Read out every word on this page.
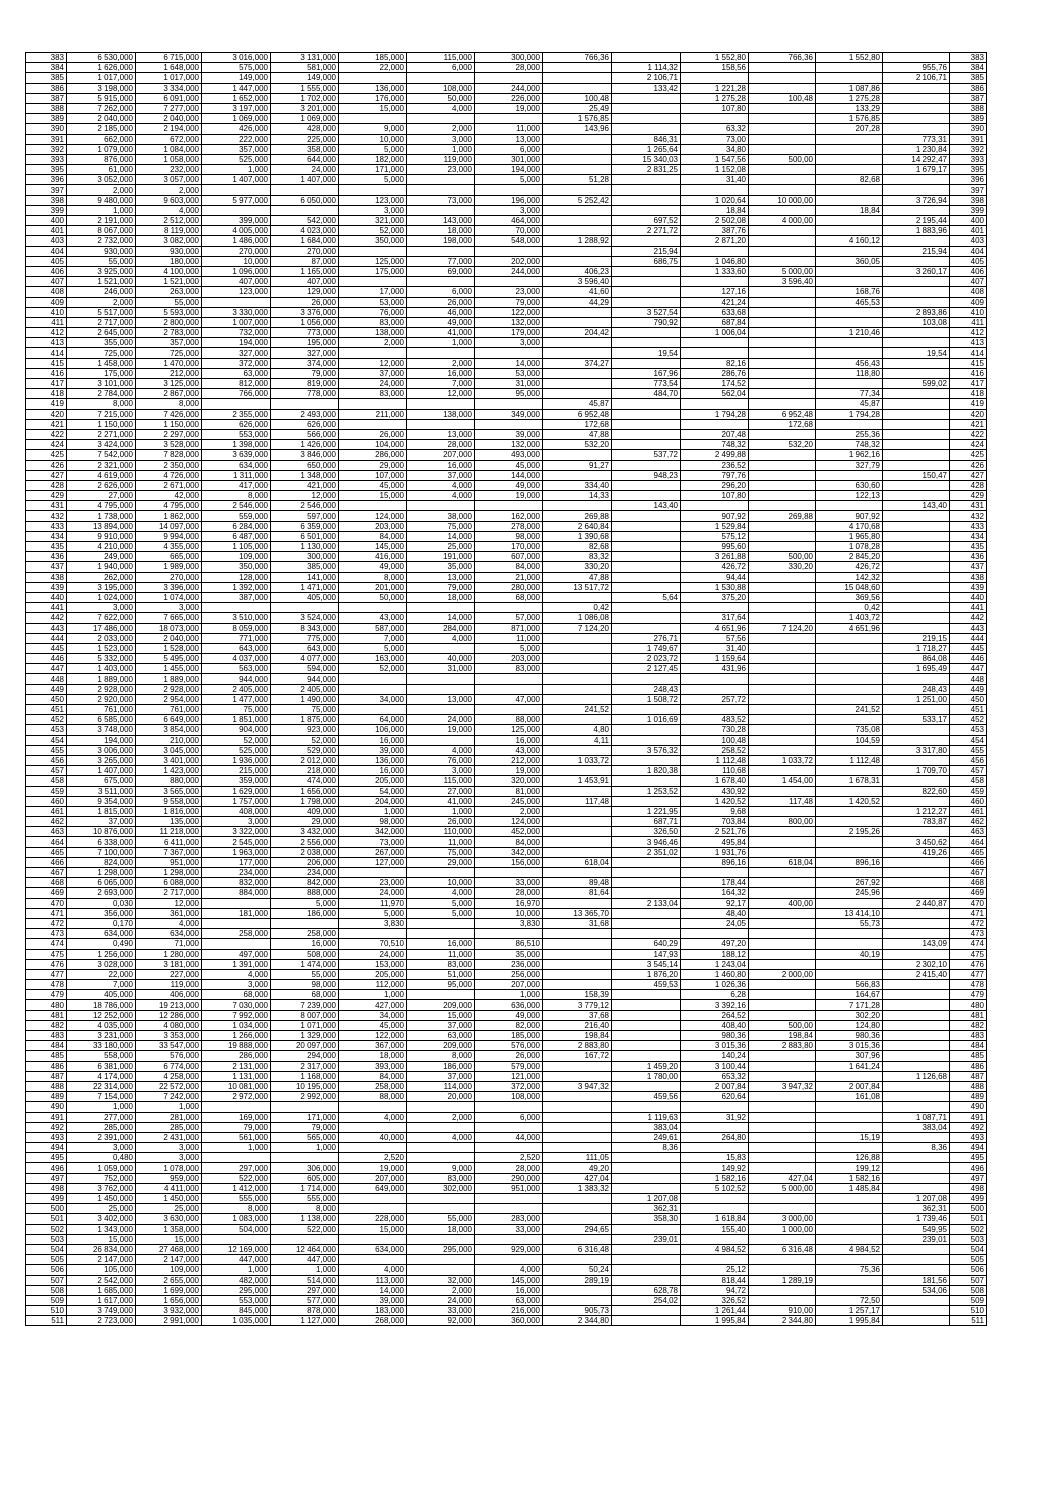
383	6 530,000	6 715,000	3 016,000	3 131,000	185,000	115,000	300,000	766,36		1 552,80	766,36	1 552,80		383
384	1 626,000	1 648,000	575,000	581,000	22,000	6,000	28,000		1 114,32	158,56			955,76	384
385	1 017,000	1 017,000	149,000	149,000					2 106,71				2 106,71	385
386	3 198,000	3 334,000	1 447,000	1 555,000	136,000	108,000	244,000		133,42	1 221,28		1 087,86		386
387	5 915,000	6 091,000	1 652,000	1 702,000	176,000	50,000	226,000	100,48		1 275,28	100,48	1 275,28		387
388	7 262,000	7 277,000	3 197,000	3 201,000	15,000	4,000	19,000	25,49		107,80		133,29		388
389	2 040,000	2 040,000	1 069,000	1 069,000				1 576,85				1 576,85		389
390	2 185,000	2 194,000	426,000	428,000	9,000	2,000	11,000	143,96		63,32		207,28		390
391	662,000	672,000	222,000	225,000	10,000	3,000	13,000		846,31	73,00			773,31	391
392	1 079,000	1 084,000	357,000	358,000	5,000	1,000	6,000		1 265,64	34,80			1 230,84	392
393	876,000	1 058,000	525,000	644,000	182,000	119,000	301,000		15 340,03	1 547,56	500,00		14 292,47	393
395	61,000	232,000	1,000	24,000	171,000	23,000	194,000		2 831,25	1 152,08			1 679,17	395
396	3 052,000	3 057,000	1 407,000	1 407,000	5,000		5,000	51,28		31,40		82,68		396
397	2,000	2,000												397
398	9 480,000	9 603,000	5 977,000	6 050,000	123,000	73,000	196,000	5 252,42		1 020,64	10 000,00		3 726,94	398
399	1,000	4,000			3,000		3,000			18,84		18,84		399
400	2 191,000	2 512,000	399,000	542,000	321,000	143,000	464,000		697,52	2 502,08	4 000,00		2 195,44	400
401	8 067,000	8 119,000	4 005,000	4 023,000	52,000	18,000	70,000		2 271,72	387,76			1 883,96	401
403	2 732,000	3 082,000	1 486,000	1 684,000	350,000	198,000	548,000	1 288,92		2 871,20		4 160,12		403
404	930,000	930,000	270,000	270,000					215,94				215,94	404
405	55,000	180,000	10,000	87,000	125,000	77,000	202,000		686,75	1 046,80		360,05		405
406	3 925,000	4 100,000	1 096,000	1 165,000	175,000	69,000	244,000	406,23		1 333,60	5 000,00		3 260,17	406
407	1 521,000	1 521,000	407,000	407,000				3 596,40			3 596,40			407
408	246,000	263,000	123,000	129,000	17,000	6,000	23,000	41,60		127,16		168,76		408
409	2,000	55,000		26,000	53,000	26,000	79,000	44,29		421,24		465,53		409
410	5 517,000	5 593,000	3 330,000	3 376,000	76,000	46,000	122,000		3 527,54	633,68			2 893,86	410
411	2 717,000	2 800,000	1 007,000	1 056,000	83,000	49,000	132,000		790,92	687,84			103,08	411
412	2 645,000	2 783,000	732,000	773,000	138,000	41,000	179,000	204,42		1 006,04		1 210,46		412
413	355,000	357,000	194,000	195,000	2,000	1,000	3,000							413
414	725,000	725,000	327,000	327,000					19,54				19,54	414
415	1 458,000	1 470,000	372,000	374,000	12,000	2,000	14,000	374,27		82,16		456,43		415
416	175,000	212,000	63,000	79,000	37,000	16,000	53,000		167,96	286,76		118,80		416
417	3 101,000	3 125,000	812,000	819,000	24,000	7,000	31,000		773,54	174,52			599,02	417
418	2 784,000	2 867,000	766,000	778,000	83,000	12,000	95,000		484,70	562,04		77,34		418
419	8,000	8,000						45,87				45,87		419
420	7 215,000	7 426,000	2 355,000	2 493,000	211,000	138,000	349,000	6 952,48		1 794,28	6 952,48	1 794,28		420
421	1 150,000	1 150,000	626,000	626,000				172,68			172,68			421
422	2 271,000	2 297,000	553,000	566,000	26,000	13,000	39,000	47,88		207,48		255,36		422
424	3 424,000	3 528,000	1 398,000	1 426,000	104,000	28,000	132,000	532,20		748,32	532,20	748,32		424
425	7 542,000	7 828,000	3 639,000	3 846,000	286,000	207,000	493,000		537,72	2 499,88		1 962,16		425
426	2 321,000	2 350,000	634,000	650,000	29,000	16,000	45,000	91,27		236,52		327,79		426
427	4 619,000	4 726,000	1 311,000	1 348,000	107,000	37,000	144,000		948,23	797,76			150,47	427
428	2 626,000	2 671,000	417,000	421,000	45,000	4,000	49,000	334,40		296,20		630,60		428
429	27,000	42,000	8,000	12,000	15,000	4,000	19,000	14,33		107,80		122,13		429
431	4 795,000	4 795,000	2 546,000	2 546,000					143,40				143,40	431
432	1 738,000	1 862,000	559,000	597,000	124,000	38,000	162,000	269,88		907,92	269,88	907,92		432
433	13 894,000	14 097,000	6 284,000	6 359,000	203,000	75,000	278,000	2 640,84		1 529,84		4 170,68		433
434	9 910,000	9 994,000	6 487,000	6 501,000	84,000	14,000	98,000	1 390,68		575,12		1 965,80		434
435	4 210,000	4 355,000	1 105,000	1 130,000	145,000	25,000	170,000	82,68		995,60		1 078,28		435
436	249,000	665,000	109,000	300,000	416,000	191,000	607,000	83,32		3 261,88	500,00	2 845,20		436
437	1 940,000	1 989,000	350,000	385,000	49,000	35,000	84,000	330,20		426,72	330,20	426,72		437
438	262,000	270,000	128,000	141,000	8,000	13,000	21,000	47,88		94,44		142,32		438
439	3 195,000	3 396,000	1 392,000	1 471,000	201,000	79,000	280,000	13 517,72		1 530,88		15 048,60		439
440	1 024,000	1 074,000	387,000	405,000	50,000	18,000	68,000		5,64	375,20		369,56		440
441	3,000	3,000						0,42				0,42		441
442	7 622,000	7 665,000	3 510,000	3 524,000	43,000	14,000	57,000	1 086,08		317,64		1 403,72		442
443	17 486,000	18 073,000	8 059,000	8 343,000	587,000	284,000	871,000	7 124,20		4 651,96	7 124,20	4 651,96		443
444	2 033,000	2 040,000	771,000	775,000	7,000	4,000	11,000		276,71	57,56			219,15	444
445	1 523,000	1 528,000	643,000	643,000	5,000		5,000		1 749,67	31,40			1 718,27	445
446	5 332,000	5 495,000	4 037,000	4 077,000	163,000	40,000	203,000		2 023,72	1 159,64			864,08	446
447	1 403,000	1 455,000	563,000	594,000	52,000	31,000	83,000		2 127,45	431,96			1 695,49	447
448	1 889,000	1 889,000	944,000	944,000										448
449	2 928,000	2 928,000	2 405,000	2 405,000					248,43				248,43	449
450	2 920,000	2 954,000	1 477,000	1 490,000	34,000	13,000	47,000		1 508,72	257,72			1 251,00	450
451	761,000	761,000	75,000	75,000				241,52				241,52		451
452	6 585,000	6 649,000	1 851,000	1 875,000	64,000	24,000	88,000		1 016,69	483,52			533,17	452
453	3 748,000	3 854,000	904,000	923,000	106,000	19,000	125,000	4,80		730,28		735,08		453
454	194,000	210,000	52,000	52,000	16,000		16,000	4,11		100,48		104,59		454
455	3 006,000	3 045,000	525,000	529,000	39,000	4,000	43,000		3 576,32	258,52			3 317,80	455
456	3 265,000	3 401,000	1 936,000	2 012,000	136,000	76,000	212,000	1 033,72		1 112,48	1 033,72	1 112,48		456
457	1 407,000	1 423,000	215,000	218,000	16,000	3,000	19,000		1 820,38	110,68			1 709,70	457
458	675,000	880,000	359,000	474,000	205,000	115,000	320,000	1 453,91		1 678,40	1 454,00	1 678,31		458
459	3 511,000	3 565,000	1 629,000	1 656,000	54,000	27,000	81,000		1 253,52	430,92			822,60	459
460	9 354,000	9 558,000	1 757,000	1 798,000	204,000	41,000	245,000	117,48		1 420,52	117,48	1 420,52		460
461	1 815,000	1 816,000	408,000	409,000	1,000	1,000	2,000		1 221,95	9,68			1 212,27	461
462	37,000	135,000	3,000	29,000	98,000	26,000	124,000		687,71	703,84	800,00		783,87	462
463	10 876,000	11 218,000	3 322,000	3 432,000	342,000	110,000	452,000		326,50	2 521,76		2 195,26		463
464	6 338,000	6 411,000	2 545,000	2 556,000	73,000	11,000	84,000		3 946,46	495,84			3 450,62	464
465	7 100,000	7 367,000	1 963,000	2 038,000	267,000	75,000	342,000		2 351,02	1 931,76			419,26	465
466	824,000	951,000	177,000	206,000	127,000	29,000	156,000	618,04		896,16	618,04	896,16		466
467	1 298,000	1 298,000	234,000	234,000										467
468	6 065,000	6 088,000	832,000	842,000	23,000	10,000	33,000	89,48		178,44		267,92		468
469	2 693,000	2 717,000	884,000	888,000	24,000	4,000	28,000	81,64		164,32		245,96		469
470	0,030	12,000		5,000	11,970	5,000	16,970		2 133,04	92,17	400,00		2 440,87	470
471	356,000	361,000	181,000	186,000	5,000	5,000	10,000	13 365,70		48,40		13 414,10		471
472	0,170	4,000			3,830		3,830	31,68		24,05		55,73		472
473	634,000	634,000	258,000	258,000										473
474	0,490	71,000		16,000	70,510	16,000	86,510		640,29	497,20			143,09	474
475	1 256,000	1 280,000	497,000	508,000	24,000	11,000	35,000		147,93	188,12		40,19		475
476	3 028,000	3 181,000	1 391,000	1 474,000	153,000	83,000	236,000		3 545,14	1 243,04			2 302,10	476
477	22,000	227,000	4,000	55,000	205,000	51,000	256,000		1 876,20	1 460,80	2 000,00		2 415,40	477
478	7,000	119,000	3,000	98,000	112,000	95,000	207,000		459,53	1 026,36		566,83		478
479	405,000	406,000	68,000	68,000	1,000		1,000	158,39		6,28		164,67		479
480	18 786,000	19 213,000	7 030,000	7 239,000	427,000	209,000	636,000	3 779,12		3 392,16		7 171,28		480
481	12 252,000	12 286,000	7 992,000	8 007,000	34,000	15,000	49,000	37,68		264,52		302,20		481
482	4 035,000	4 080,000	1 034,000	1 071,000	45,000	37,000	82,000	216,40		408,40	500,00	124,80		482
483	3 231,000	3 353,000	1 266,000	1 329,000	122,000	63,000	185,000	198,84		980,36	198,84	980,36		483
484	33 180,000	33 547,000	19 888,000	20 097,000	367,000	209,000	576,000	2 883,80		3 015,36	2 883,80	3 015,36		484
485	558,000	576,000	286,000	294,000	18,000	8,000	26,000	167,72		140,24		307,96		485
486	6 381,000	6 774,000	2 131,000	2 317,000	393,000	186,000	579,000		1 459,20	3 100,44		1 641,24		486
487	4 174,000	4 258,000	1 131,000	1 168,000	84,000	37,000	121,000		1 780,00	653,32			1 126,68	487
488	22 314,000	22 572,000	10 081,000	10 195,000	258,000	114,000	372,000	3 947,32		2 007,84	3 947,32	2 007,84		488
489	7 154,000	7 242,000	2 972,000	2 992,000	88,000	20,000	108,000		459,56	620,64		161,08		489
490	1,000	1,000												490
491	277,000	281,000	169,000	171,000	4,000	2,000	6,000		1 119,63	31,92			1 087,71	491
492	285,000	285,000	79,000	79,000					383,04				383,04	492
493	2 391,000	2 431,000	561,000	565,000	40,000	4,000	44,000		249,61	264,80		15,19		493
494	3,000	3,000	1,000	1,000					8,36				8,36	494
495	0,480	3,000			2,520		2,520	111,05		15,83		126,88		495
496	1 059,000	1 078,000	297,000	306,000	19,000	9,000	28,000	49,20		149,92		199,12		496
497	752,000	959,000	522,000	605,000	207,000	83,000	290,000	427,04		1 582,16	427,04	1 582,16		497
498	3 762,000	4 411,000	1 412,000	1 714,000	649,000	302,000	951,000	1 383,32		5 102,52	5 000,00	1 485,84		498
499	1 450,000	1 450,000	555,000	555,000					1 207,08				1 207,08	499
500	25,000	25,000	8,000	8,000					362,31				362,31	500
501	3 402,000	3 630,000	1 083,000	1 138,000	228,000	55,000	283,000		358,30	1 618,84	3 000,00		1 739,46	501
502	1 343,000	1 358,000	504,000	522,000	15,000	18,000	33,000	294,65		155,40	1 000,00		549,95	502
503	15,000	15,000							239,01				239,01	503
504	26 834,000	27 468,000	12 169,000	12 464,000	634,000	295,000	929,000	6 316,48		4 984,52	6 316,48	4 984,52		504
505	2 147,000	2 147,000	447,000	447,000										505
506	105,000	109,000	1,000	1,000	4,000		4,000	50,24		25,12		75,36		506
507	2 542,000	2 655,000	482,000	514,000	113,000	32,000	145,000	289,19		818,44	1 289,19		181,56	507
508	1 685,000	1 699,000	295,000	297,000	14,000	2,000	16,000		628,78	94,72			534,06	508
509	1 617,000	1 656,000	553,000	577,000	39,000	24,000	63,000		254,02	326,52		72,50		509
510	3 749,000	3 932,000	845,000	878,000	183,000	33,000	216,000	905,73		1 261,44	910,00	1 257,17		510
511	2 723,000	2 991,000	1 035,000	1 127,000	268,000	92,000	360,000	2 344,80		1 995,84	2 344,80	1 995,84		511
